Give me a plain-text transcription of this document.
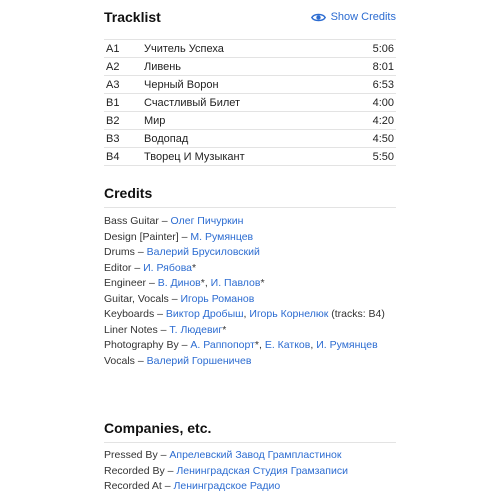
Tracklist	Show Credits
A1	Учитель Успеха	5:06
A2	Ливень	8:01
A3	Черный Ворон	6:53
B1	Счастливый Билет	4:00
B2	Мир	4:20
B3	Водопад	4:50
B4	Творец И Музыкант	5:50
Credits
Bass Guitar – Олег Пичуркин
Design [Painter] – М. Румянцев
Drums – Валерий Брусиловский
Editor – И. Рябова*
Engineer – В. Динов*, И. Павлов*
Guitar, Vocals – Игорь Романов
Keyboards – Виктор Дробыш, Игорь Корнелюк (tracks: B4)
Liner Notes – Т. Людевиг*
Photography By – А. Раппопорт*, Е. Катков, И. Румянцев
Vocals – Валерий Горшеничев
Companies, etc.
Pressed By – Апрелевский Завод Грампластинок
Recorded By – Ленинградская Студия Грамзаписи
Recorded At – Ленинградское Радио
